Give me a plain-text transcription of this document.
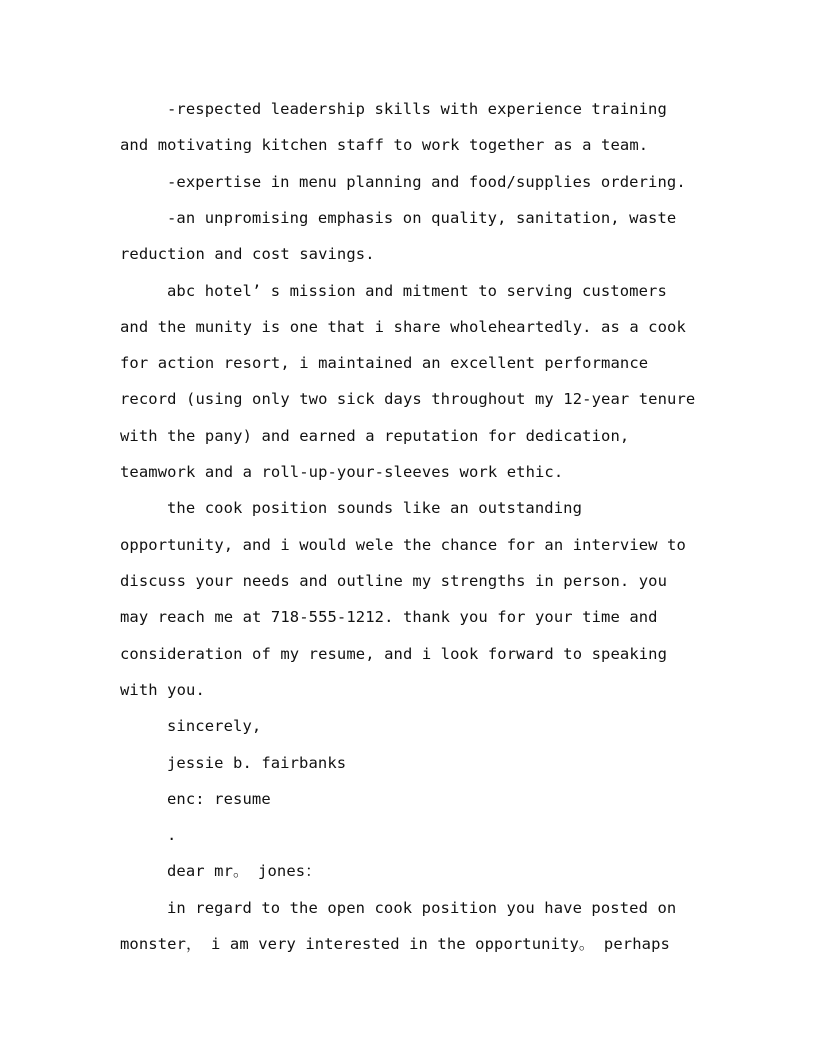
-respected leadership skills with experience training
and motivating kitchen staff to work together as a team.
-expertise in menu planning and food/supplies ordering.
-an unpromising emphasis on quality, sanitation, waste
reduction and cost savings.
abc hotel’ s mission and mitment to serving customers
and the munity is one that i share wholeheartedly. as a cook
for action resort, i maintained an excellent performance
record (using only two sick days throughout my 12-year tenure
with the pany) and earned a reputation for dedication,
teamwork and a roll-up-your-sleeves work ethic.
the cook position sounds like an outstanding
opportunity, and i would wele the chance for an interview to
discuss your needs and outline my strengths in person. you
may reach me at 718-555-1212. thank you for your time and
consideration of my resume, and i look forward to speaking
with you.
sincerely,
jessie b. fairbanks
enc: resume
.
dear mr。 jones：
in regard to the open cook position you have posted on
monster， i am very interested in the opportunity。 perhaps
